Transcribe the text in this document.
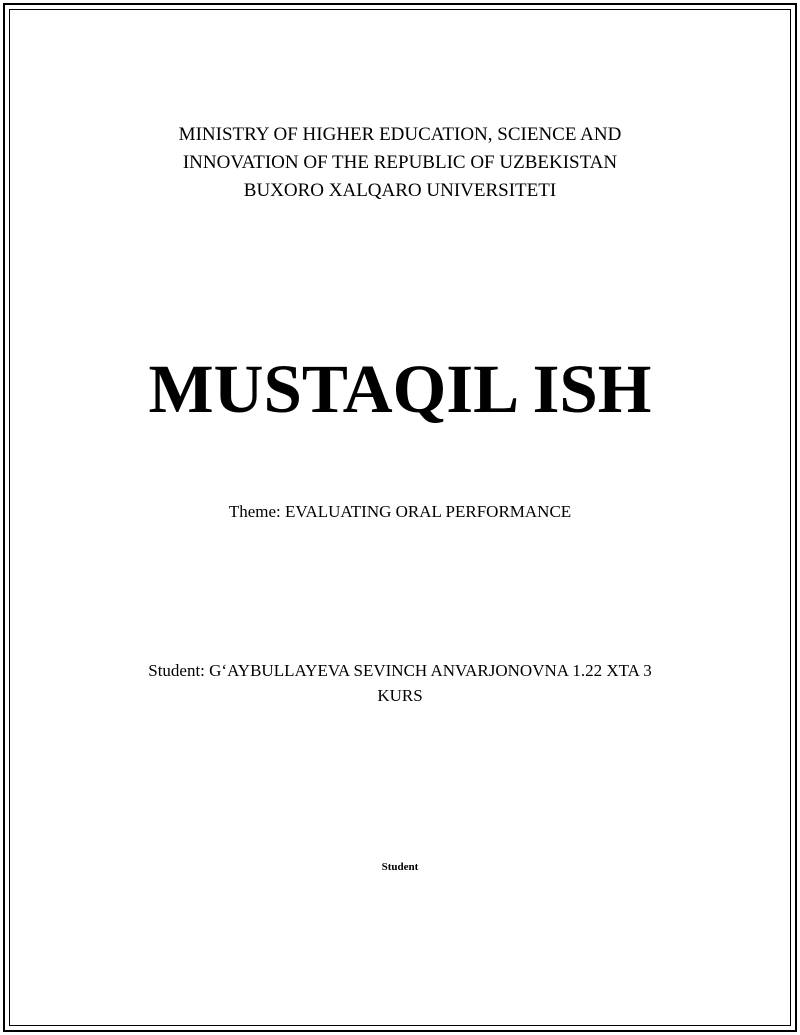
MINISTRY OF HIGHER EDUCATION, SCIENCE AND
INNOVATION OF THE REPUBLIC OF UZBEKISTAN
BUXORO XALQARO UNIVERSITETI
MUSTAQIL ISH
Theme: EVALUATING ORAL PERFORMANCE
Student: G‘AYBULLAYEVA SEVINCH ANVARJONOVNA 1.22 XTA 3
KURS
Student
